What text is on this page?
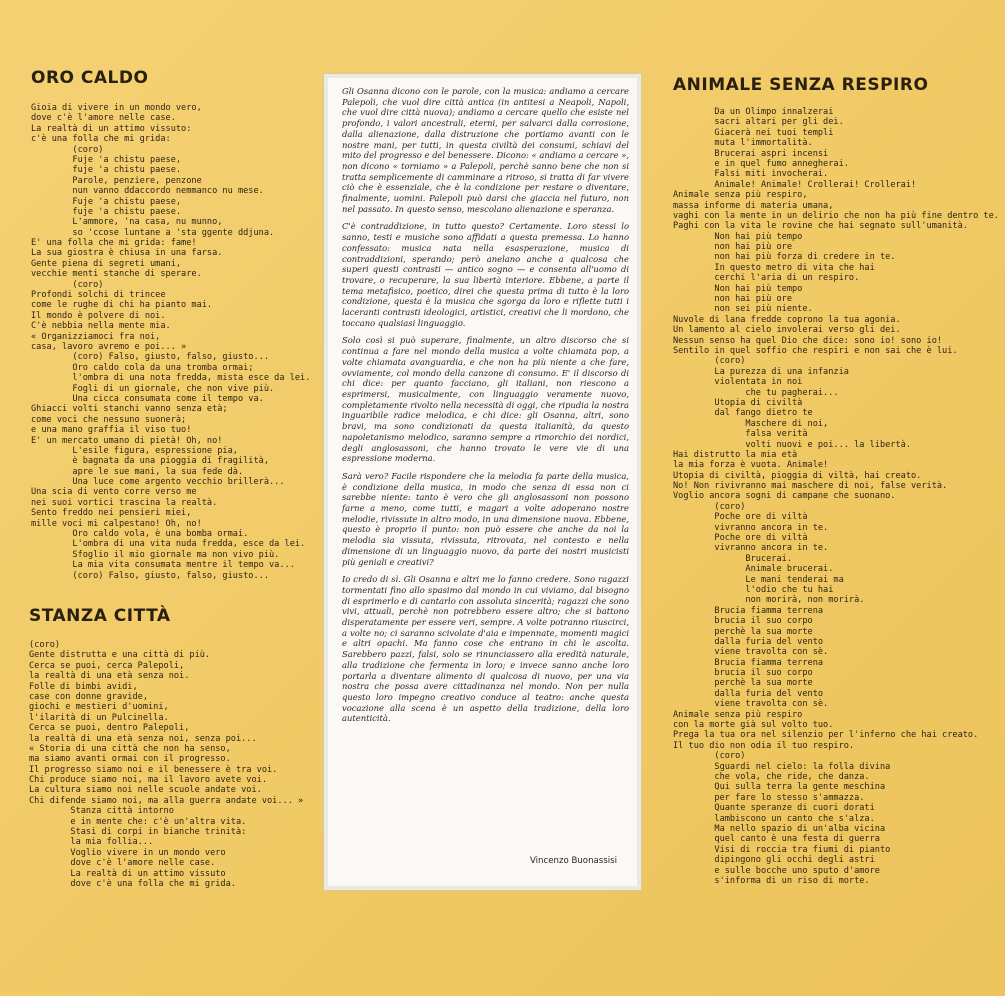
ORO CALDO
Gioia di vivere in un mondo vero,
dove c'è l'amore nelle case.
La realtà di un attimo vissuto:
c'è una folla che mi grida:
(coro)
Fuje 'a chistu paese,
fuje 'a chistu paese.
Parole, penziere, penzone
nun vanno ddaccordo nemmanco nu mese.
Fuje 'a chistu paese,
fuje 'a chistu paese.
L'ammore, 'na casa, nu munno,
so 'ccose luntane a 'sta ggente ddjuna.
E' una folla che mi grida: fame!
La sua giostra è chiusa in una farsa.
Gente piena di segreti umani,
vecchie menti stanche di sperare.
(coro)
Profondi solchi di trincee
come le rughe di chi ha pianto mai.
Il mondo è polvere di noi.
C'è nebbia nella mente mia.
« Organizziamoci fra noi,
casa, lavoro avremo e poi... »
(coro) Falso, giusto, falso, giusto...
Oro caldo cola da una tromba ormai;
l'ombra di una nota fredda, mista esce da lei.
Fogli di un giornale, che non vive più.
Una cicca consumata come il tempo va.
Ghiacci volti stanchi vanno senza età;
come voci che nessuno suonerà;
e una mano graffia il viso tuo!
E' un mercato umano di pietà! Oh, no!
L'esile figura, espressione pia,
è bagnata da una pioggia di fragilità,
apre le sue mani, la sua fede dà.
Una luce come argento vecchio brillerà...
Una scia di vento corre verso me
nei suoi vortici trascina la realtà.
Sento freddo nei pensieri miei,
mille voci mi calpestano! Oh, no!
Oro caldo vola, è una bomba ormai.
L'ombra di una vita nuda fredda, esce da lei.
Sfoglio il mio giornale ma non vivo più.
La mia vita consumata mentre il tempo va...
(coro) Falso, giusto, falso, giusto...
STANZA CITTÀ
(coro)
Gente distrutta e una città di più.
Cerca se puoi, cerca Palepoli,
la realtà di una età senza noi.
Folle di bimbi avidi,
case con donne gravide,
giochi e mestieri d'uomini,
l'ilarità di un Pulcinella.
Cerca se puoi, dentro Palepoli,
la realtà di una età senza noi, senza poi...
« Storia di una città che non ha senso,
ma siamo avanti ormai con il progresso.
Il progresso siamo noi e il benessere è tra voi.
Chi produce siamo noi, ma il lavoro avete voi.
La cultura siamo noi nelle scuole andate voi.
Chi difende siamo noi, ma alla guerra andate voi... »
Stanza città intorno
e in mente che: c'è un'altra vita.
Stasi di corpi in bianche trinità:
la mia follia...
Voglio vivere in un mondo vero
dove c'è l'amore nelle case.
La realtà di un attimo vissuto
dove c'è una folla che mi grida.

Gli Osanna dicono con le parole, con la musica: andiamo a cercare Palepoli, che vuol dire città antica (in antitesi a Neapoli, Napoli, che vuol dire città nuova); andiamo a cercare quello che esiste nel profondo, i valori ancestrali, eterni, per salvarci dalla corrosione, dalla alienazione, dalla distruzione che portiamo avanti con le nostre mani, per tutti, in questa civiltà dei consumi, schiavi del mito del progresso e del benessere. Dicono: « andiamo a cercare », non dicono « torniamo » a Palepoli, perchè sanno bene che non si tratta semplicemente di camminare a ritroso, si tratta di far vivere ciò che è essenziale, che è la condizione per restare o diventare, finalmente, uomini. Palepoli può darsi che giaccia nel futuro, non nel passato. In questo senso, mescolano alienazione e speranza.

C'è contraddizione, in tutto questo? Certamente. Loro stessi lo sanno, testi e musiche sono affidati a questa premessa. Lo hanno confessato: musica nata nella esasperazione, musica di contraddizioni, sperando; però anelano anche a qualcosa che superi questi contrasti — antico sogno — e consenta all'uomo di trovare, o recuperare, la sua libertà interiore. Ebbene, a parte il tema metafisico, poetico, direi che questa prima di tutto è la loro condizione, questa è la musica che sgorga da loro e riflette tutti i laceranti contrasti ideologici, artistici, creativi che li mordono, che toccano qualsiasi linguaggio.

Solo così si può superare, finalmente, un altro discorso che si continua a fare nel mondo della musica a volte chiamata pop, a volte chiamata avanguardia, e che non ha più niente a che fare, ovviamente, col mondo della canzone di consumo. E' il discorso di chi dice: per quanto facciano, gli italiani, non riescono a esprimersi, musicalmente, con linguaggio veramente nuovo, completamente rivolto nella necessità di oggi, che ripudia la nostra inguaribile radice melodica, e chi dice: gli Osanna, altri, sono bravi, ma sono condizionati da questa italianità, da questo napoletanismo melodico, saranno sempre a rimorchio dei nordici, degli anglosassoni, che hanno trovato le vere vie di una espressione moderna.

Sarà vero? Facile rispondere che la melodia fa parte della musica, è condizione della musica, in modo che senza di essa non ci sarebbe niente: tanto è vero che gli anglosassoni non possono farne a meno, come tutti, e magari a volte adoperano nostre melodie, rivissute in altro modo, in una dimensione nuova. Ebbene, questo è proprio il punto: non può essere che anche da noi la melodia sia vissuta, rivissuta, ritrovata, nel contesto e nella dimensione di un linguaggio nuovo, da parte dei nostri musicisti più geniali e creativi?

Io credo di sì. Gli Osanna e altri me lo fanno credere. Sono ragazzi tormentati fino allo spasimo dal mondo in cui viviamo, dal bisogno di esprimerlo e di cantarlo con assoluta sincerità; ragazzi che sono vivi, attuali, perchè non potrebbero essere altro; che si battono disperatamente per essere veri, sempre. A volte potranno riuscirci, a volte no; ci saranno scivolate d'aia e impennate, momenti magici e altri opachi. Ma fanno cose che entrano in chi le ascolta. Sarebbero pazzi, falsi, solo se rinunciassero alla eredità naturale, alla tradizione che fermenta in loro; e invece sanno anche loro portarla a diventare alimento di qualcosa di nuovo, per una via nostra che possa avere cittadinanza nel mondo. Non per nulla questo loro impegno creativo conduce al teatro: anche questa vocazione alla scena è un aspetto della tradizione, della loro autenticità.

Vincenzo Buonassisi
ANIMALE SENZA RESPIRO
Da un Olimpo innalzerai
sacri altari per gli dei.
Giacerà nei tuoi templi
muta l'immortalità.
Brucerai aspri incensi
e in quel fumo annegherai.
Falsi miti invocherai.
Animale! Animale! Crollerai! Crollerai!
Animale senza più respiro,
massa informe di materia umana,
vaghi con la mente in un delirio che non ha più fine dentro te.
Paghi con la vita le rovine che hai segnato sull'umanità.
Non hai più tempo
non hai più ore
non hai più forza di credere in te.
In questo metro di vita che hai
cerchi l'aria di un respiro.
Non hai più tempo
non hai più ore
non sei più niente.
Nuvole di lana fredde coprono la tua agonia.
Un lamento al cielo involerai verso gli dei.
Nessun senso ha quel Dio che dice: sono io! sono io!
Sentilo in quel soffio che respiri e non sai che è lui.
(coro)
La purezza di una infanzia
violentata in noi
che tu pagherai...
Utopia di civiltà
dal fango dietro te
Maschere di noi,
falsa verità
volti nuovi e poi... la libertà.
Hai distrutto la mia età
la mia forza è vuota. Animale!
Utopia di civiltà, pioggia di viltà, hai creato.
No! Non rivivranno mai maschere di noi, false verità.
Voglio ancora sogni di campane che suonano.
(coro)
Poche ore di viltà
vivranno ancora in te.
Poche ore di viltà
vivranno ancora in te.
Brucerai.
Animale brucerai.
Le mani tenderai ma
l'odio che tu hai
non morirà, non morirà.
Brucia fiamma terrena
brucia il suo corpo
perchè la sua morte
dalla furia del vento
viene travolta con sè.
Brucia fiamma terrena
brucia il suo corpo
perchè la sua morte
dalla furia del vento
viene travolta con sè.
Animale senza più respiro
con la morte già sul volto tuo.
Prega la tua ora nel silenzio per l'inferno che hai creato.
Il tuo dio non odia il tuo respiro.
(coro)
Sguardi nel cielo: la folla divina
che vola, che ride, che danza.
Qui sulla terra la gente meschina
per fare lo stesso s'ammazza.
Quante speranze di cuori dorati
lambiscono un canto che s'alza.
Ma nello spazio di un'alba vicina
quel canto è una festa di guerra
Visi di roccia tra fiumi di pianto
dipingono gli occhi degli astri
e sulle bocche uno sputo d'amore
s'informa di un riso di morte.
